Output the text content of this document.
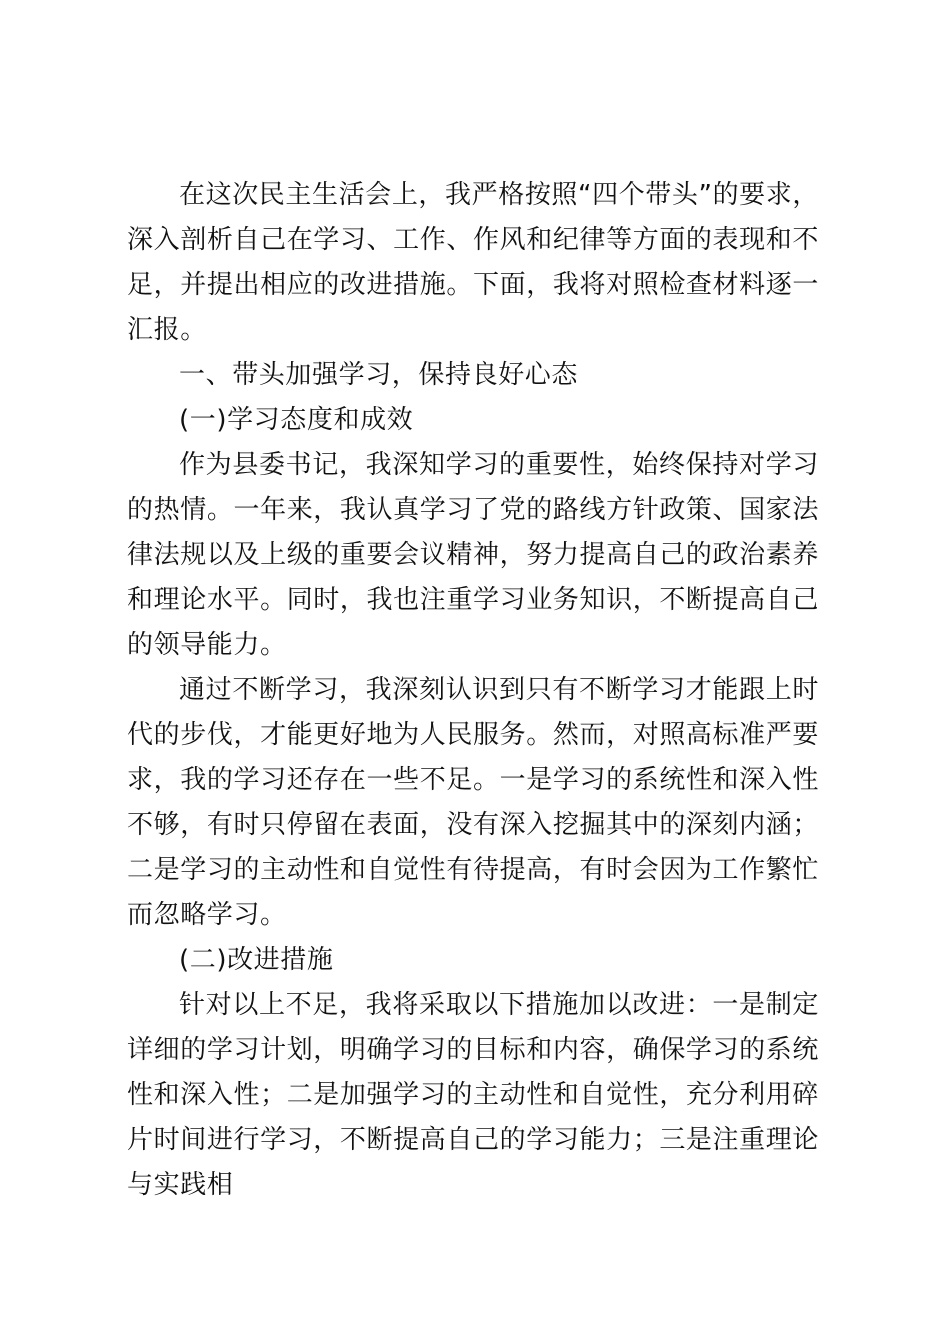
在这次民主生活会上，我严格按照“四个带头”的要求，深入剖析自己在学习、工作、作风和纪律等方面的表现和不足，并提出相应的改进措施。下面，我将对照检查材料逐一汇报。

一、带头加强学习，保持良好心态

(一)学习态度和成效

作为县委书记，我深知学习的重要性，始终保持对学习的热情。一年来，我认真学习了党的路线方针政策、国家法律法规以及上级的重要会议精神，努力提高自己的政治素养和理论水平。同时，我也注重学习业务知识，不断提高自己的领导能力。

通过不断学习，我深刻认识到只有不断学习才能跟上时代的步伐，才能更好地为人民服务。然而，对照高标准严要求，我的学习还存在一些不足。一是学习的系统性和深入性不够，有时只停留在表面，没有深入挖掘其中的深刻内涵；二是学习的主动性和自觉性有待提高，有时会因为工作繁忙而忽略学习。

(二)改进措施

针对以上不足，我将采取以下措施加以改进：一是制定详细的学习计划，明确学习的目标和内容，确保学习的系统性和深入性；二是加强学习的主动性和自觉性，充分利用碎片时间进行学习，不断提高自己的学习能力；三是注重理论与实践相
